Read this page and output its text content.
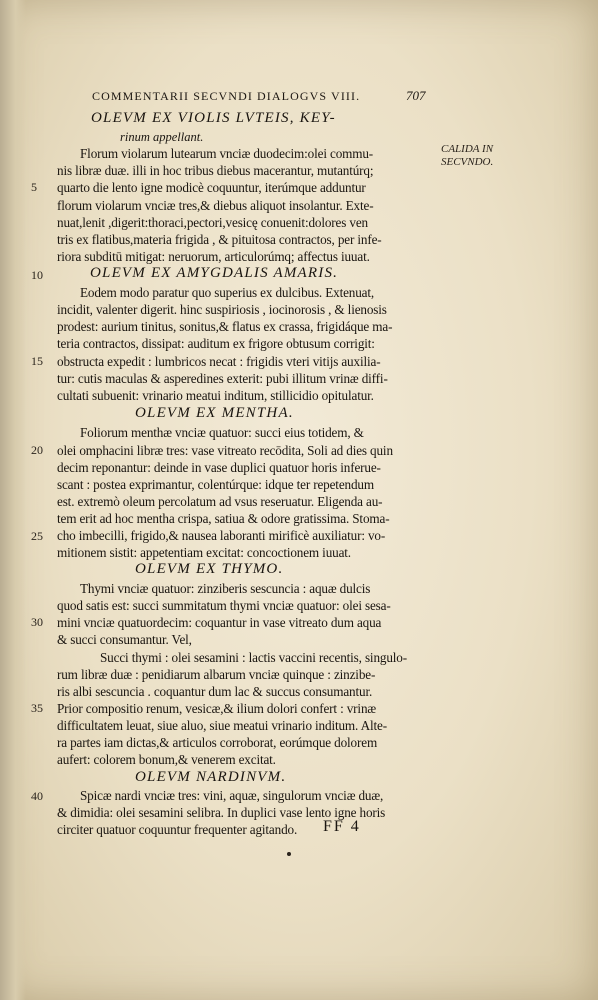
COMMENTARII SECVNDI DIALOGVS VIII.	707
CALIDA IN
SECVNDO.
OLEVM EX VIOLIS LVTEIS, KEY-
rinum appellant.
Florum violarum lutearum vnciæ duodecim:olei commu-
nis libræ duæ. illi in hoc tribus diebus macerantur, mutantúrq;
5 quarto die lento igne modicè coquuntur, iterúmque adduntur
florum violarum vnciæ tres,& diebus aliquot insolantur. Exte-
nuat,lenit ,digerit:thoraci,pectori,vesicę conuenit:dolores ven
tris ex flatibus,materia frigida , & pituitosa contractos, per infe-
riora subditū mitigat: neruorum, articulorúmq; affectus iuuat.
10	OLEVM EX AMYGDALIS AMARIS.
Eodem modo paratur quo superius ex dulcibus. Extenuat,
incidit, valenter digerit. hinc suspiriosis , iocinorosis , & lienosis
prodest: aurium tinitus, sonitus,& flatus ex crassa, frigidáque ma-
teria contractos, dissipat: auditum ex frigore obtusum corrigit:
15 obstructa expedit : lumbricos necat : frigidis vteri vitijs auxilia-
tur: cutis maculas & asperedines exterit: pubi illitum vrinæ diffi-
cultati subuenit: vrinario meatui inditum, stillicidio opitulatur.
OLEVM EX MENTHA.
Foliorum menthæ vnciæ quatuor: succi eius totidem, &
20 olei omphacini libræ tres: vase vitreato recōdita, Soli ad dies quin
decim reponantur: deinde in vase duplici quatuor horis inferue-
scant : postea exprimantur, colentúrque: idque ter repetendum
est. extremò oleum percolatum ad vsus reseruatur. Eligenda au-
tem erit ad hoc mentha crispa, satiua & odore gratissima. Stoma-
25 cho imbecilli, frigido,& nausea laboranti mirificè auxiliatur: vo-
mitionem sistit: appetentiam excitat: concoctionem iuuat.
OLEVM EX THYMO.
Thymi vnciæ quatuor: zinziberis sescuncia : aquæ dulcis
quod satis est: succi summitatum thymi vnciæ quatuor: olei sesa-
30 mini vnciæ quatuordecim: coquantur in vase vitreato dum aqua
& succi consumantur. Vel,
Succi thymi : olei sesamini : lactis vaccini recentis, singulo-
rum libræ duæ : penidiarum albarum vnciæ quinque : zinzibe-
ris albi sescuncia . coquantur dum lac & succus consumantur.
35 Prior compositio renum, vesicæ,& ilium dolori confert : vrinæ
difficultatem leuat, siue aluo, siue meatui vrinario inditum. Alte-
ra partes iam dictas,& articulos corroborat, eorúmque dolorem
aufert: colorem bonum,& venerem excitat.
OLEVM NARDINVM.
40	Spicæ nardi vnciæ tres: vini, aquæ, singulorum vnciæ duæ,
& dimidia: olei sesamini selibra. In duplici vase lento igne horis
circiter quatuor coquuntur frequenter agitando. FF 4
